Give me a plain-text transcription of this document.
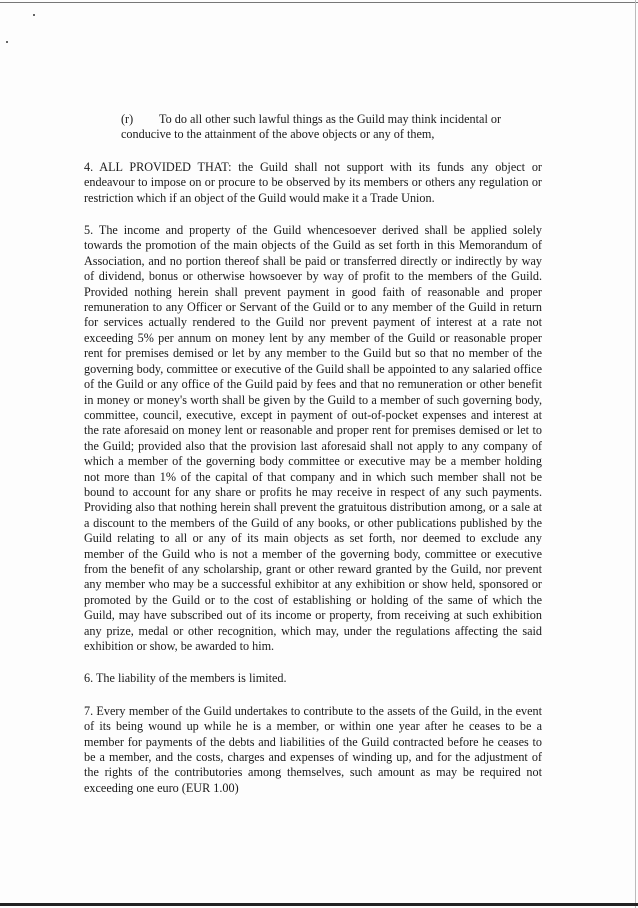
(r) To do all other such lawful things as the Guild may think incidental or conducive to the attainment of the above objects or any of them,

4. ALL PROVIDED THAT: the Guild shall not support with its funds any object or endeavour to impose on or procure to be observed by its members or others any regulation or restriction which if an object of the Guild would make it a Trade Union.

5. The income and property of the Guild whencesoever derived shall be applied solely towards the promotion of the main objects of the Guild as set forth in this Memorandum of Association, and no portion thereof shall be paid or transferred directly or indirectly by way of dividend, bonus or otherwise howsoever by way of profit to the members of the Guild. Provided nothing herein shall prevent payment in good faith of reasonable and proper remuneration to any Officer or Servant of the Guild or to any member of the Guild in return for services actually rendered to the Guild nor prevent payment of interest at a rate not exceeding 5% per annum on money lent by any member of the Guild or reasonable proper rent for premises demised or let by any member to the Guild but so that no member of the governing body, committee or executive of the Guild shall be appointed to any salaried office of the Guild or any office of the Guild paid by fees and that no remuneration or other benefit in money or money's worth shall be given by the Guild to a member of such governing body, committee, council, executive, except in payment of out-of-pocket expenses and interest at the rate aforesaid on money lent or reasonable and proper rent for premises demised or let to the Guild; provided also that the provision last aforesaid shall not apply to any company of which a member of the governing body committee or executive may be a member holding not more than 1% of the capital of that company and in which such member shall not be bound to account for any share or profits he may receive in respect of any such payments. Providing also that nothing herein shall prevent the gratuitous distribution among, or a sale at a discount to the members of the Guild of any books, or other publications published by the Guild relating to all or any of its main objects as set forth, nor deemed to exclude any member of the Guild who is not a member of the governing body, committee or executive from the benefit of any scholarship, grant or other reward granted by the Guild, nor prevent any member who may be a successful exhibitor at any exhibition or show held, sponsored or promoted by the Guild or to the cost of establishing or holding of the same of which the Guild, may have subscribed out of its income or property, from receiving at such exhibition any prize, medal or other recognition, which may, under the regulations affecting the said exhibition or show, be awarded to him.

6. The liability of the members is limited.

7. Every member of the Guild undertakes to contribute to the assets of the Guild, in the event of its being wound up while he is a member, or within one year after he ceases to be a member for payments of the debts and liabilities of the Guild contracted before he ceases to be a member, and the costs, charges and expenses of winding up, and for the adjustment of the rights of the contributories among themselves, such amount as may be required not exceeding one euro (EUR 1.00)
